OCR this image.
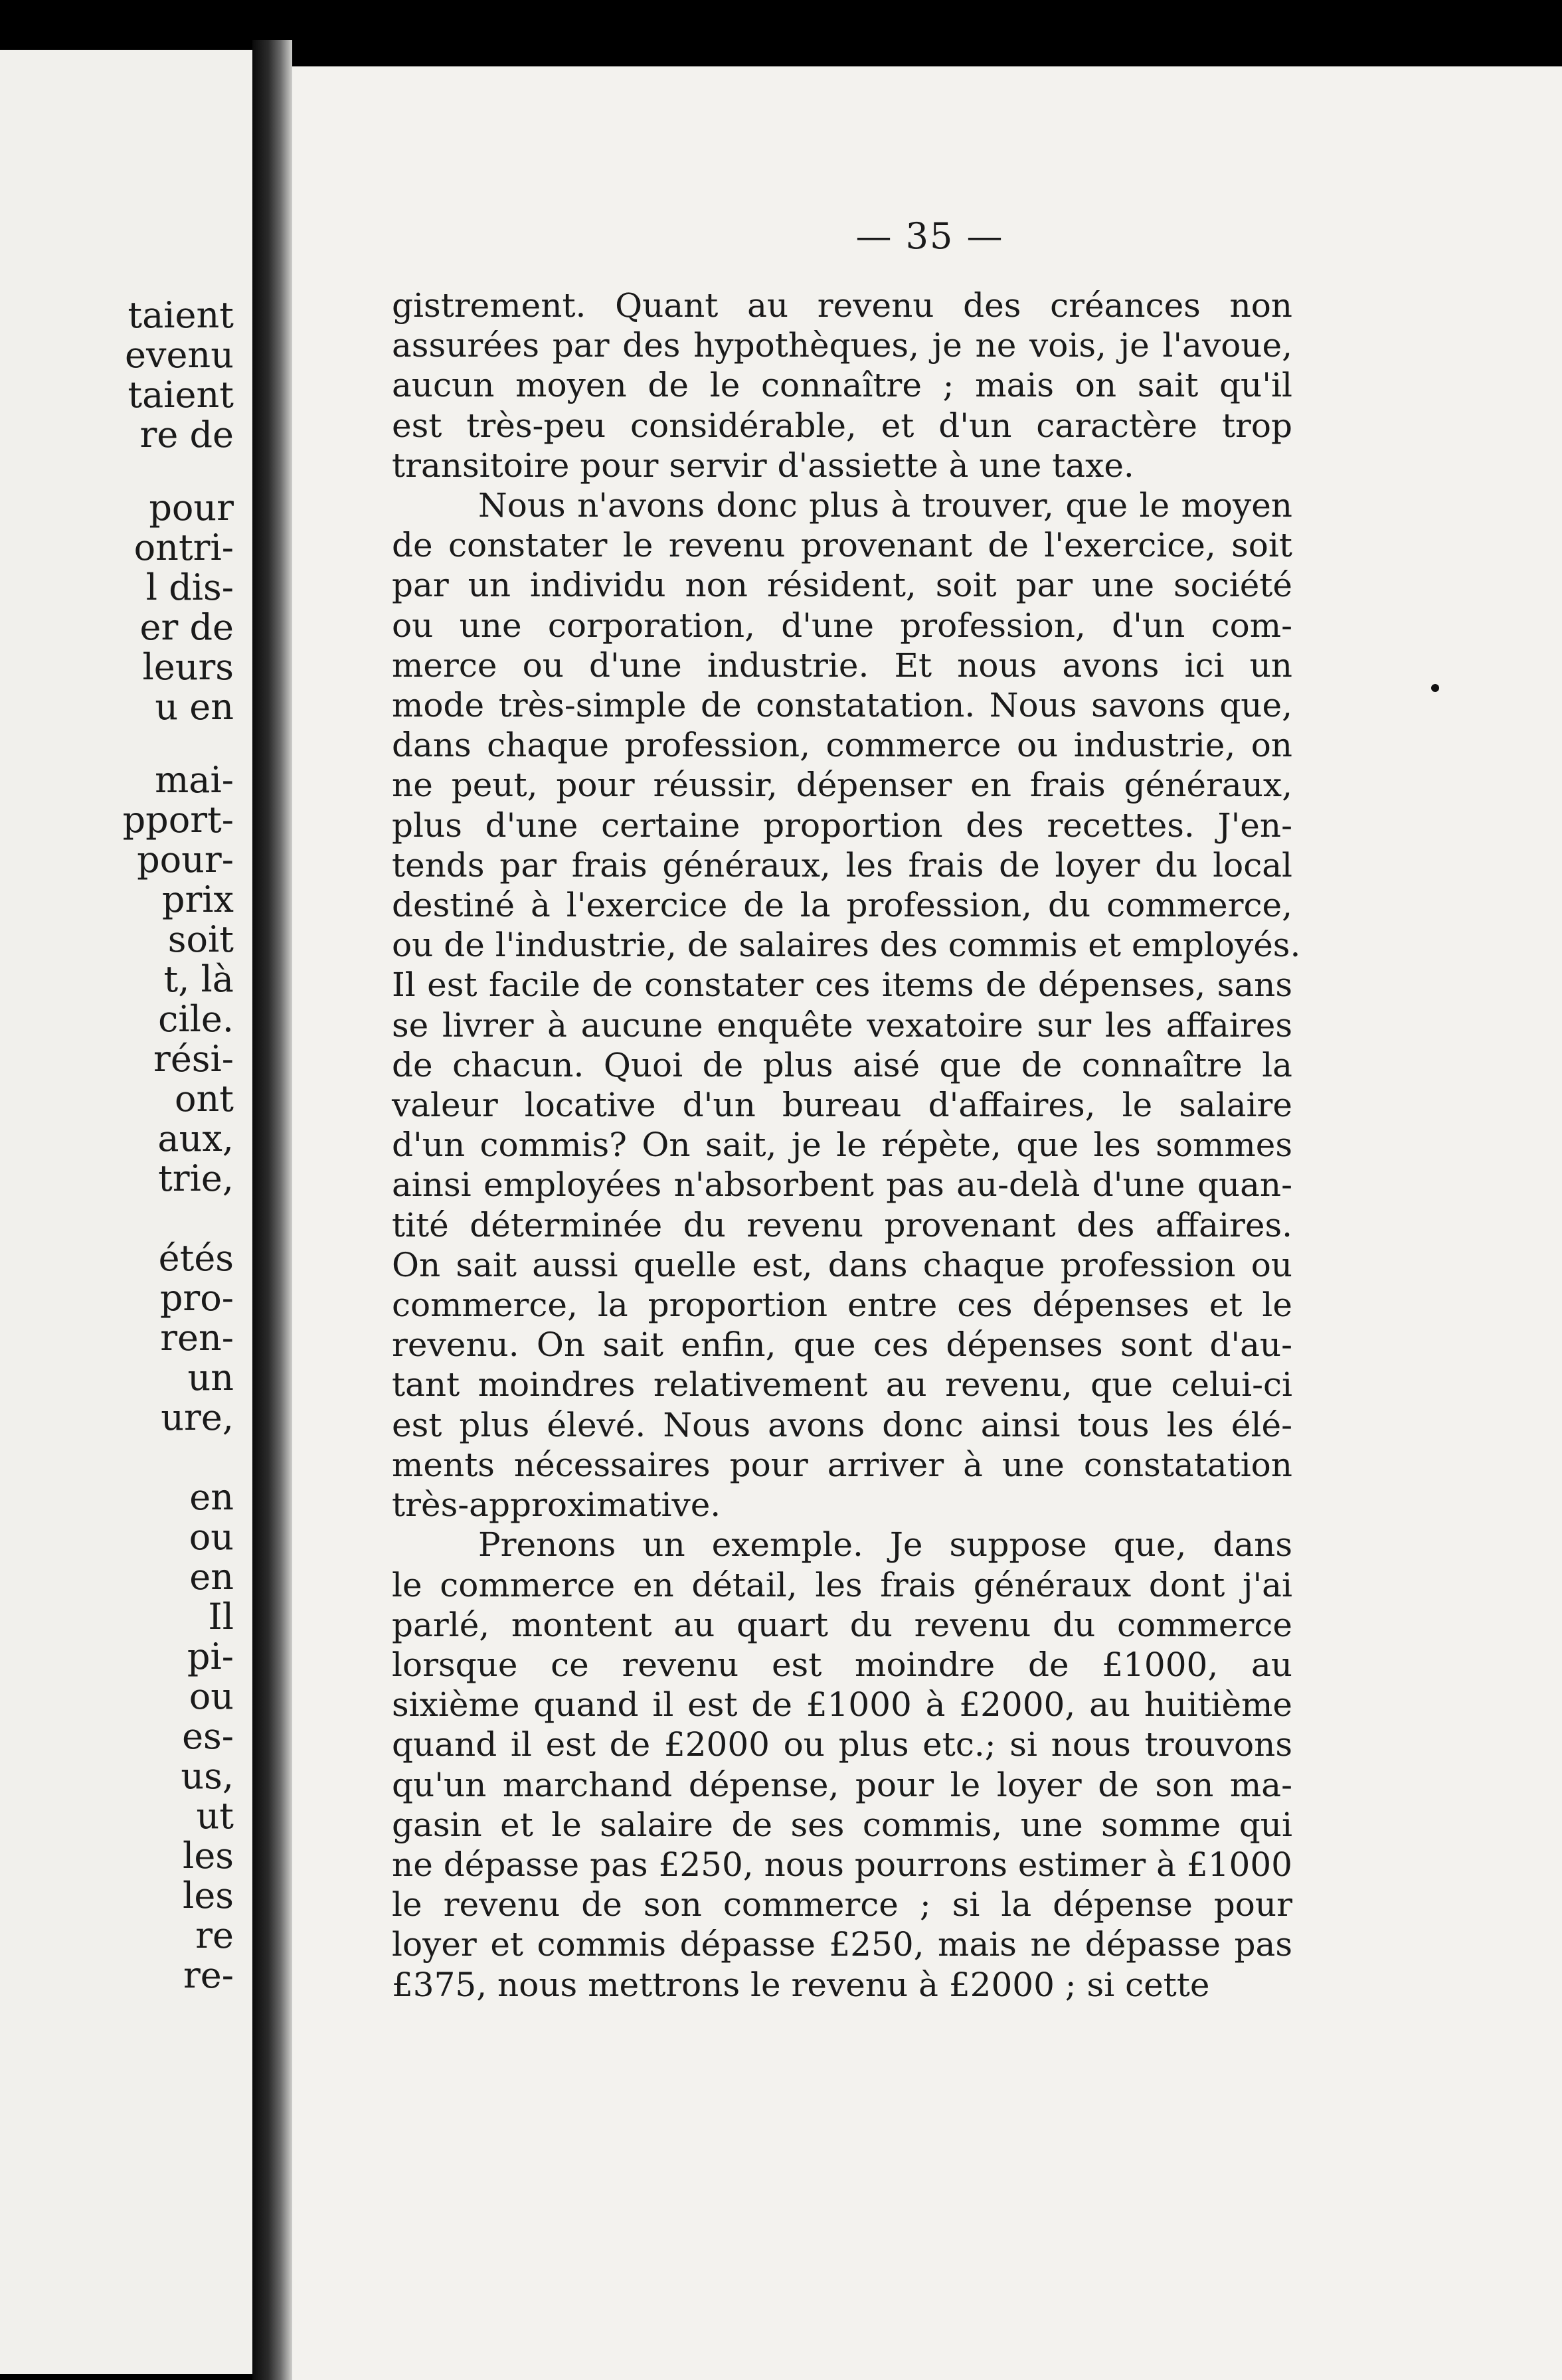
taient
evenu
taient
re de
pour
ontri-
l dis-
er de
leurs
u en
mai-
pport-
pour-
prix
soit
t, là
cile.
rési-
ont
aux,
trie,
étés
pro-
ren-
un
ure,
en
ou
en
Il
pi-
ou
es-
us,
ut
les
les
re
re-
— 35 —

gistrement. Quant au revenu des créances non
assurées par des hypothèques, je ne vois, je l'avoue,
aucun moyen de le connaître ; mais on sait qu'il
est très-peu considérable, et d'un caractère trop
transitoire pour servir d'assiette à une taxe.

Nous n'avons donc plus à trouver, que le moyen
de constater le revenu provenant de l'exercice, soit
par un individu non résident, soit par une société
ou une corporation, d'une profession, d'un com-
merce ou d'une industrie. Et nous avons ici un
mode très-simple de constatation. Nous savons que,
dans chaque profession, commerce ou industrie, on
ne peut, pour réussir, dépenser en frais généraux,
plus d'une certaine proportion des recettes. J'en-
tends par frais généraux, les frais de loyer du local
destiné à l'exercice de la profession, du commerce,
ou de l'industrie, de salaires des commis et employés.
Il est facile de constater ces items de dépenses, sans
se livrer à aucune enquête vexatoire sur les affaires
de chacun. Quoi de plus aisé que de connaître la
valeur locative d'un bureau d'affaires, le salaire
d'un commis? On sait, je le répète, que les sommes
ainsi employées n'absorbent pas au-delà d'une quan-
tité déterminée du revenu provenant des affaires.
On sait aussi quelle est, dans chaque profession ou
commerce, la proportion entre ces dépenses et le
revenu. On sait enfin, que ces dépenses sont d'au-
tant moindres relativement au revenu, que celui-ci
est plus élevé. Nous avons donc ainsi tous les élé-
ments nécessaires pour arriver à une constatation
très-approximative.

Prenons un exemple. Je suppose que, dans
le commerce en détail, les frais généraux dont j'ai
parlé, montent au quart du revenu du commerce
lorsque ce revenu est moindre de £1000, au
sixième quand il est de £1000 à £2000, au huitième
quand il est de £2000 ou plus etc.; si nous trouvons
qu'un marchand dépense, pour le loyer de son ma-
gasin et le salaire de ses commis, une somme qui
ne dépasse pas £250, nous pourrons estimer à £1000
le revenu de son commerce ; si la dépense pour
loyer et commis dépasse £250, mais ne dépasse pas
£375, nous mettrons le revenu à £2000 ; si cette
